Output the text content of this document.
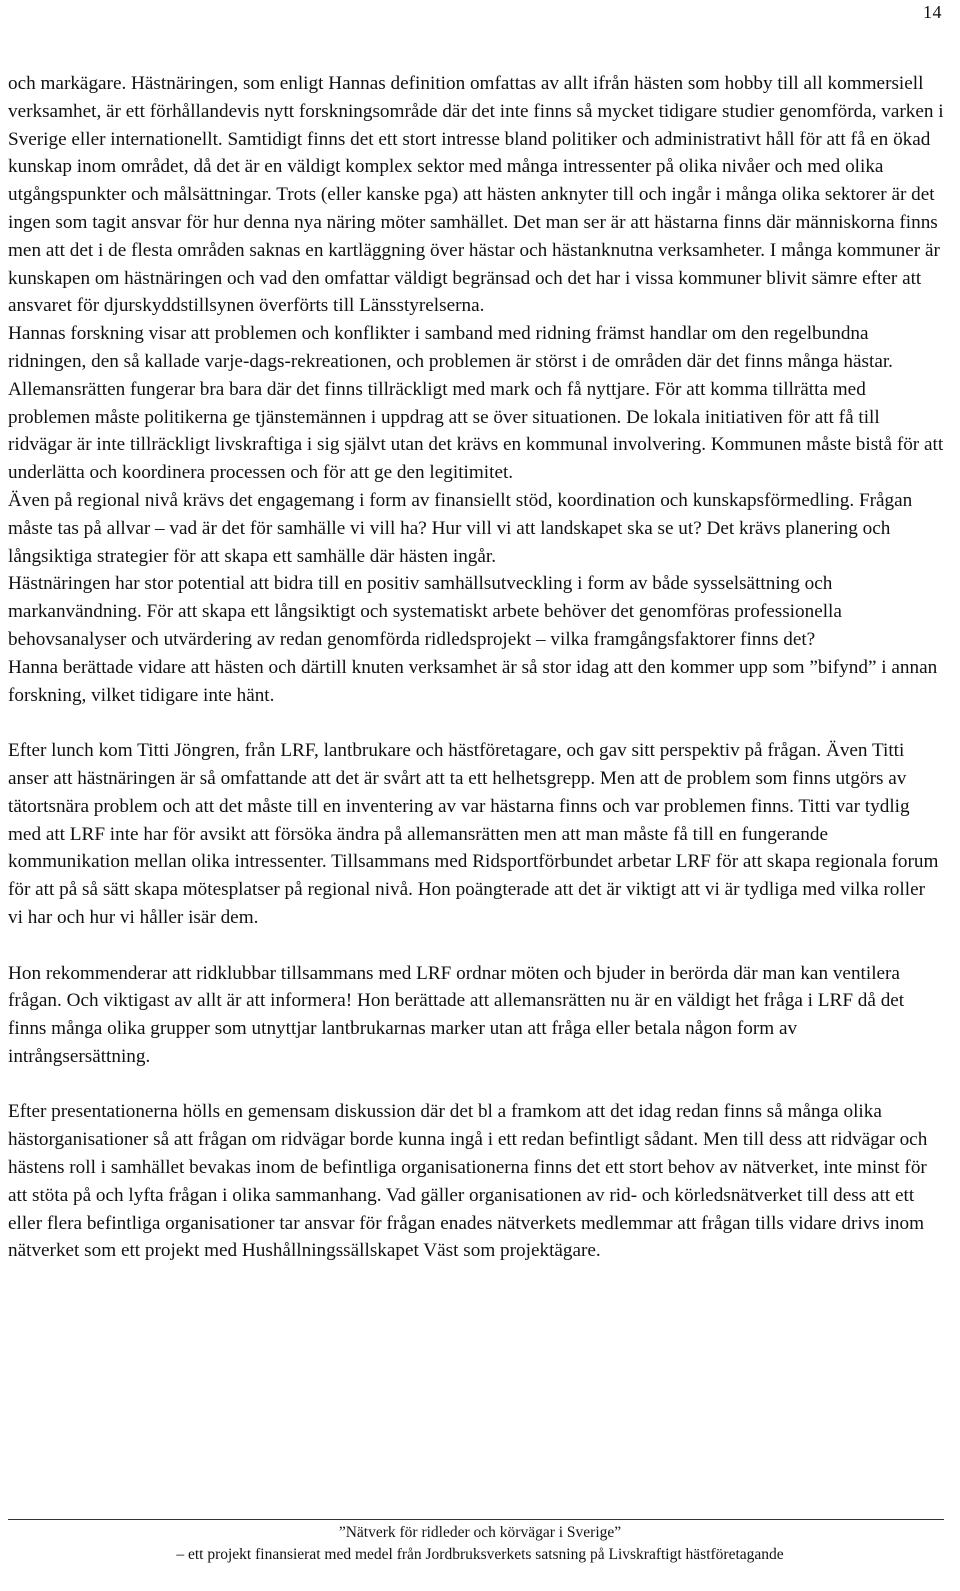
14

och markägare. Hästnäringen, som enligt Hannas definition omfattas av allt ifrån hästen som hobby till all kommersiell verksamhet, är ett förhållandevis nytt forskningsområde där det inte finns så mycket tidigare studier genomförda, varken i Sverige eller internationellt. Samtidigt finns det ett stort intresse bland politiker och administrativt håll för att få en ökad kunskap inom området, då det är en väldigt komplex sektor med många intressenter på olika nivåer och med olika utgångspunkter och målsättningar. Trots (eller kanske pga) att hästen anknyter till och ingår i många olika sektorer är det ingen som tagit ansvar för hur denna nya näring möter samhället. Det man ser är att hästarna finns där människorna finns men att det i de flesta områden saknas en kartläggning över hästar och hästanknutna verksamheter. I många kommuner är kunskapen om hästnäringen och vad den omfattar väldigt begränsad och det har i vissa kommuner blivit sämre efter att ansvaret för djurskyddstillsynen överförts till Länsstyrelserna.

Hannas forskning visar att problemen och konflikter i samband med ridning främst handlar om den regelbundna ridningen, den så kallade varje-dags-rekreationen, och problemen är störst i de områden där det finns många hästar. Allemansrätten fungerar bra bara där det finns tillräckligt med mark och få nyttjare. För att komma tillrätta med problemen måste politikerna ge tjänstemännen i uppdrag att se över situationen. De lokala initiativen för att få till ridvägar är inte tillräckligt livskraftiga i sig självt utan det krävs en kommunal involvering. Kommunen måste bistå för att underlätta och koordinera processen och för att ge den legitimitet.

Även på regional nivå krävs det engagemang i form av finansiellt stöd, koordination och kunskapsförmedling. Frågan måste tas på allvar – vad är det för samhälle vi vill ha? Hur vill vi att landskapet ska se ut? Det krävs planering och långsiktiga strategier för att skapa ett samhälle där hästen ingår.

Hästnäringen har stor potential att bidra till en positiv samhällsutveckling i form av både sysselsättning och markanvändning. För att skapa ett långsiktigt och systematiskt arbete behöver det genomföras professionella behovsanalyser och utvärdering av redan genomförda ridledsprojekt – vilka framgångsfaktorer finns det?

Hanna berättade vidare att hästen och därtill knuten verksamhet är så stor idag att den kommer upp som ”bifynd” i annan forskning, vilket tidigare inte hänt.

Efter lunch kom Titti Jöngren, från LRF, lantbrukare och hästföretagare, och gav sitt perspektiv på frågan. Även Titti anser att hästnäringen är så omfattande att det är svårt att ta ett helhetsgrepp. Men att de problem som finns utgörs av tätortsnära problem och att det måste till en inventering av var hästarna finns och var problemen finns. Titti var tydlig med att LRF inte har för avsikt att försöka ändra på allemansrätten men att man måste få till en fungerande kommunikation mellan olika intressenter. Tillsammans med Ridsportförbundet arbetar LRF för att skapa regionala forum för att på så sätt skapa mötesplatser på regional nivå. Hon poängterade att det är viktigt att vi är tydliga med vilka roller vi har och hur vi håller isär dem.

Hon rekommenderar att ridklubbar tillsammans med LRF ordnar möten och bjuder in berörda där man kan ventilera frågan. Och viktigast av allt är att informera! Hon berättade att allemansrätten nu är en väldigt het fråga i LRF då det finns många olika grupper som utnyttjar lantbrukarnas marker utan att fråga eller betala någon form av intrångsersättning.

Efter presentationerna hölls en gemensam diskussion där det bl a framkom att det idag redan finns så många olika hästorganisationer så att frågan om ridvägar borde kunna ingå i ett redan befintligt sådant. Men till dess att ridvägar och hästens roll i samhället bevakas inom de befintliga organisationerna finns det ett stort behov av nätverket, inte minst för att stöta på och lyfta frågan i olika sammanhang. Vad gäller organisationen av rid- och körledsnätverket till dess att ett eller flera befintliga organisationer tar ansvar för frågan enades nätverkets medlemmar att frågan tills vidare drivs inom nätverket som ett projekt med Hushållningssällskapet Väst som projektägare.

”Nätverk för ridleder och körvägar i Sverige”
– ett projekt finansierat med medel från Jordbruksverkets satsning på Livskraftigt hästföretagande
